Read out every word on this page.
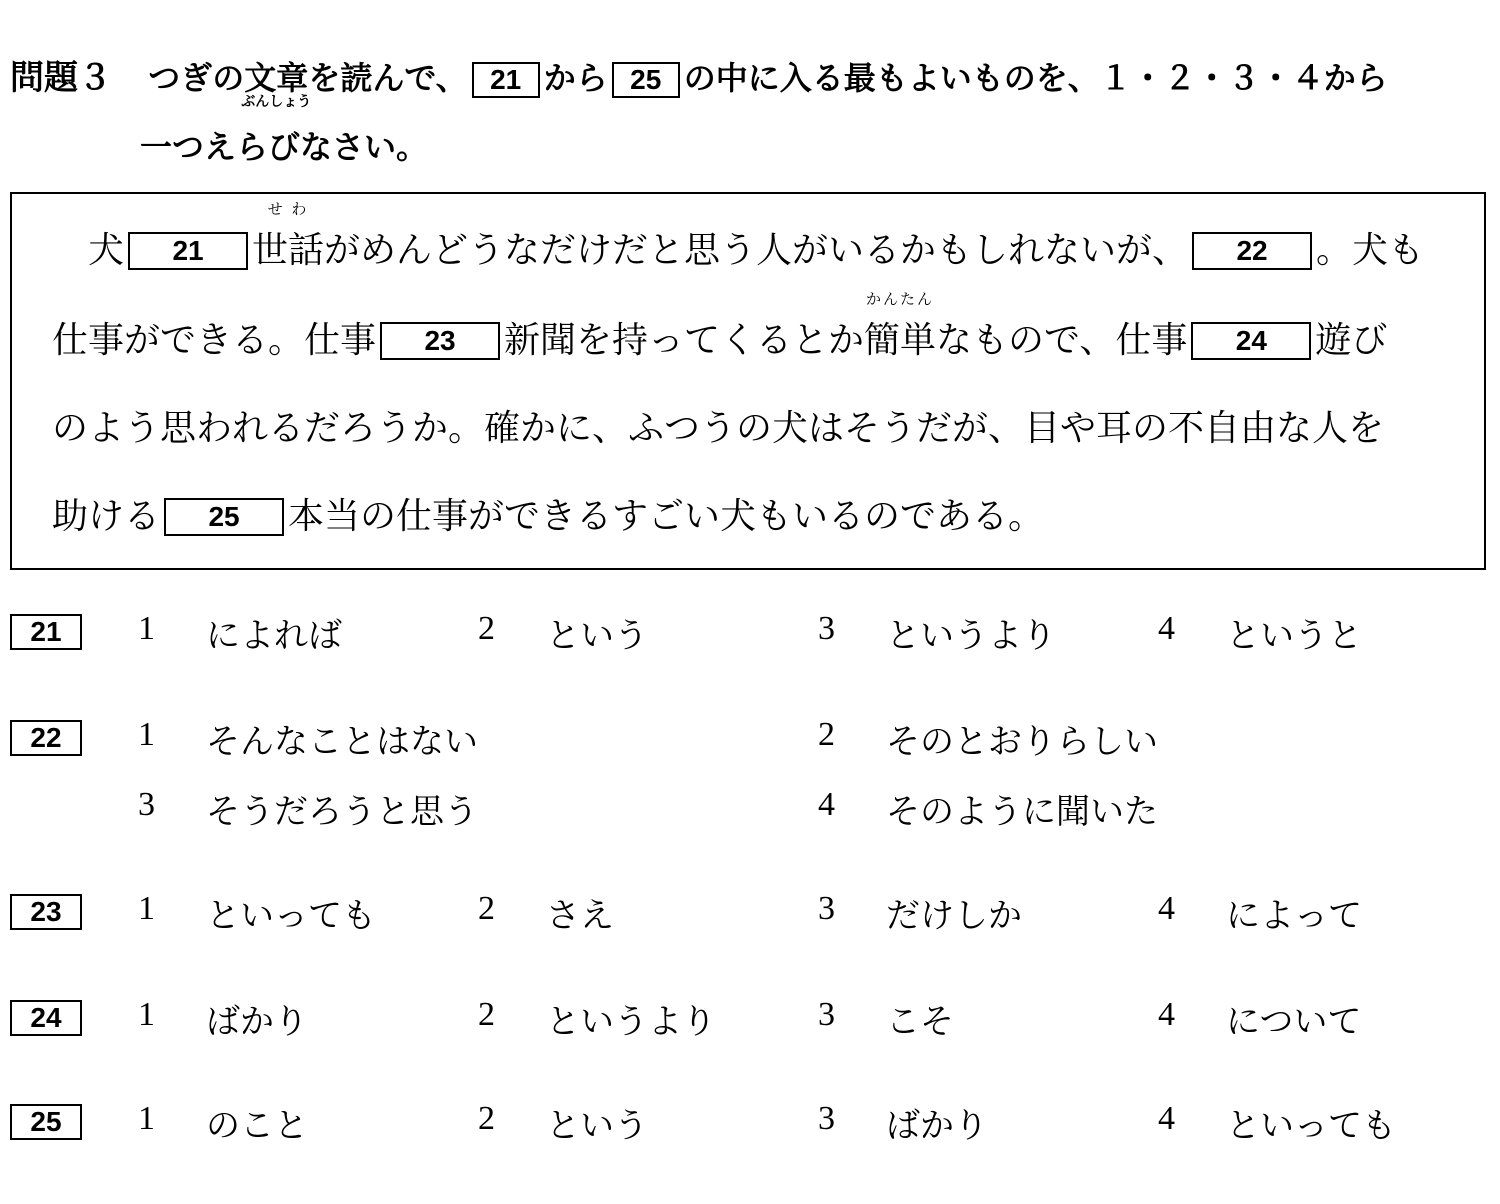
問題３ つぎの文章
ぶんしょう
を読んで、 21 から 25 の中に入る最もよいものを、１・２・３・４から
一つえらびなさい。
犬 21
せ わ
世話がめんどうなだけだと思う人がいるかもしれないが、 22 。犬も
仕事ができる。仕事 23 新聞を持ってくるとか
かんたん
簡単なもので、仕事 24 遊び
のよう思われるだろうか。確かに、ふつうの犬はそうだが、目や耳の不自由な人を
助ける 25 本当の仕事ができるすごい犬もいるのである。
21	1 によれば	2 という	3 というより	4 というと
22	1 そんなことはない	2 そのとおりらしい
3 そうだろうと思う	4 そのように聞いた
23	1 といっても	2 さえ	3 だけしか	4 によって
24	1 ばかり	2 というより	3 こそ	4 について
25	1 のこと	2 という	3 ばかり	4 といっても
